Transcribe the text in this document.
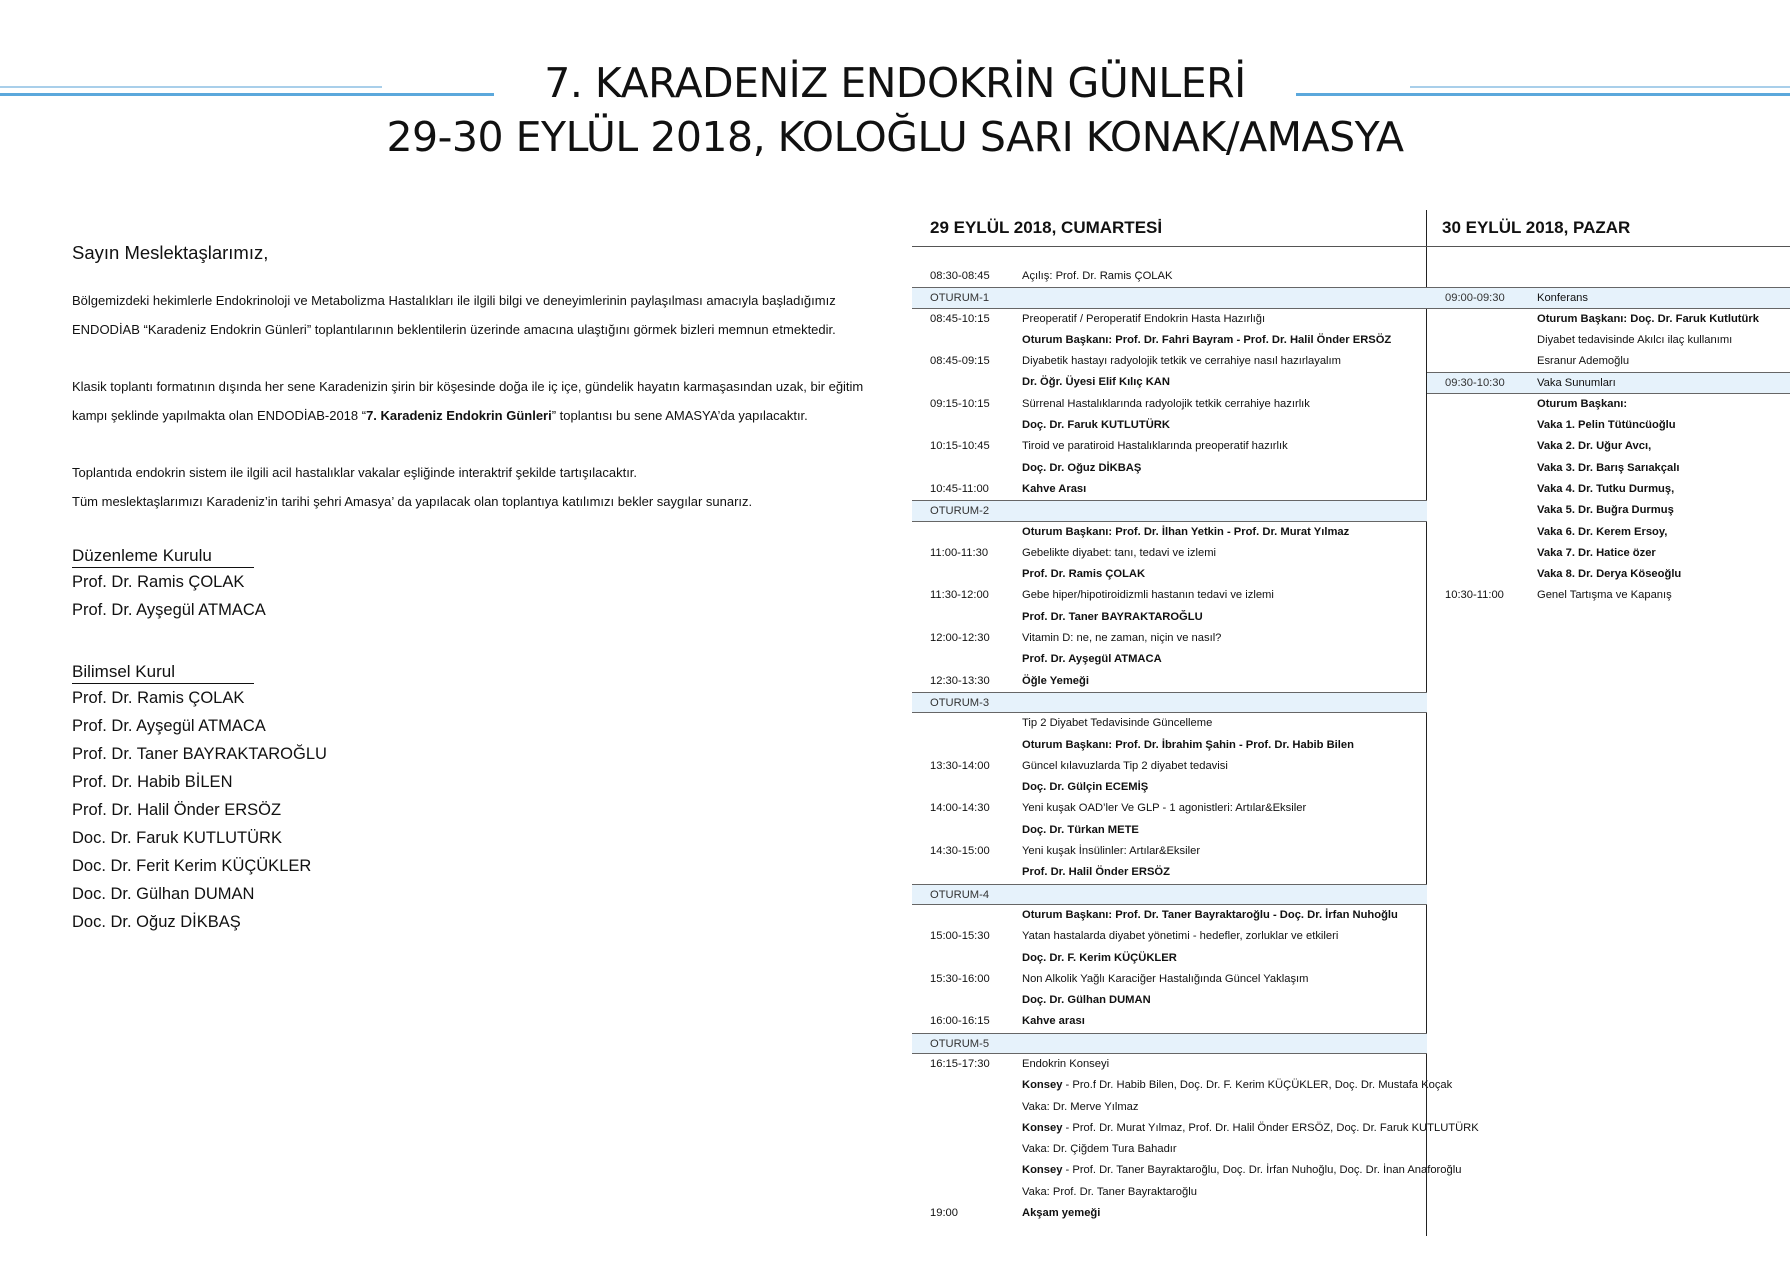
7. KARADENİZ ENDOKRİN GÜNLERİ
29-30 EYLÜL 2018, KOLOĞLU SARI KONAK/AMASYA
Sayın Meslektaşlarımız,
Bölgemizdeki hekimlerle Endokrinoloji ve Metabolizma Hastalıkları ile ilgili bilgi ve deneyimlerinin paylaşılması amacıyla başladığımız
ENDODİAB “Karadeniz Endokrin Günleri” toplantılarının beklentilerin üzerinde amacına ulaştığını görmek bizleri memnun etmektedir.
Klasik toplantı formatının dışında her sene Karadenizin şirin bir köşesinde doğa ile iç içe, gündelik hayatın karmaşasından uzak, bir eğitim
kampı şeklinde yapılmakta olan ENDODİAB-2018 “7. Karadeniz Endokrin Günleri” toplantısı bu sene AMASYA’da yapılacaktır.
Toplantıda endokrin sistem ile ilgili acil hastalıklar vakalar eşliğinde interaktrif şekilde tartışılacaktır.
Tüm meslektaşlarımızı Karadeniz’in tarihi şehri Amasya’ da yapılacak olan toplantıya katılımızı bekler saygılar sunarız.
Düzenleme Kurulu
Prof. Dr. Ramis ÇOLAK
Prof. Dr. Ayşegül ATMACA
Bilimsel Kurul
Prof. Dr. Ramis ÇOLAK
Prof. Dr. Ayşegül ATMACA
Prof. Dr. Taner BAYRAKTAROĞLU
Prof. Dr. Habib BİLEN
Prof. Dr. Halil Önder ERSÖZ
Doc. Dr. Faruk KUTLUTÜRK
Doc. Dr. Ferit Kerim KÜÇÜKLER
Doc. Dr. Gülhan DUMAN
Doc. Dr. Oğuz DİKBAŞ
29 EYLÜL 2018, CUMARTESİ	30 EYLÜL 2018, PAZAR
08:30-08:45	Açılış: Prof. Dr. Ramis ÇOLAK
OTURUM-1
08:45-10:15	Preoperatif / Peroperatif Endokrin Hasta Hazırlığı
Oturum Başkanı: Prof. Dr. Fahri Bayram - Prof. Dr. Halil Önder ERSÖZ
08:45-09:15	Diyabetik hastayı radyolojik tetkik ve cerrahiye nasıl hazırlayalım
Dr. Öğr. Üyesi Elif Kılıç KAN
09:15-10:15	Sürrenal Hastalıklarında radyolojik tetkik cerrahiye hazırlık
Doç. Dr. Faruk KUTLUTÜRK
10:15-10:45	Tiroid ve paratiroid Hastalıklarında preoperatif hazırlık
Doç. Dr. Oğuz DİKBAŞ
10:45-11:00	Kahve Arası
OTURUM-2
Oturum Başkanı: Prof. Dr. İlhan Yetkin - Prof. Dr. Murat Yılmaz
11:00-11:30	Gebelikte diyabet: tanı, tedavi ve izlemi
Prof. Dr. Ramis ÇOLAK
11:30-12:00	Gebe hiper/hipotiroidizmli hastanın tedavi ve izlemi
Prof. Dr. Taner BAYRAKTAROĞLU
12:00-12:30	Vitamin D: ne, ne zaman, niçin ve nasıl?
Prof. Dr. Ayşegül ATMACA
12:30-13:30	Öğle Yemeği
OTURUM-3
Tip 2 Diyabet Tedavisinde Güncelleme
Oturum Başkanı: Prof. Dr. İbrahim Şahin - Prof. Dr. Habib Bilen
13:30-14:00	Güncel kılavuzlarda Tip 2 diyabet tedavisi
Doç. Dr. Gülçin ECEMİŞ
14:00-14:30	Yeni kuşak OAD’ler Ve GLP - 1 agonistleri: Artılar&Eksiler
Doç. Dr. Türkan METE
14:30-15:00	Yeni kuşak İnsülinler: Artılar&Eksiler
Prof. Dr. Halil Önder ERSÖZ
OTURUM-4
Oturum Başkanı: Prof. Dr. Taner Bayraktaroğlu - Doç. Dr. İrfan Nuhoğlu
15:00-15:30	Yatan hastalarda diyabet yönetimi - hedefler, zorluklar ve etkileri
Doç. Dr. F. Kerim KÜÇÜKLER
15:30-16:00	Non Alkolik Yağlı Karaciğer Hastalığında Güncel Yaklaşım
Doç. Dr. Gülhan DUMAN
16:00-16:15	Kahve arası
OTURUM-5
16:15-17:30	Endokrin Konseyi
Konsey - Pro.f Dr. Habib Bilen, Doç. Dr. F. Kerim KÜÇÜKLER, Doç. Dr. Mustafa Koçak
Vaka: Dr. Merve Yılmaz
Konsey - Prof. Dr. Murat Yılmaz, Prof. Dr. Halil Önder ERSÖZ, Doç. Dr. Faruk KUTLUTÜRK
Vaka: Dr. Çiğdem Tura Bahadır
Konsey - Prof. Dr. Taner Bayraktaroğlu, Doç. Dr. İrfan Nuhoğlu, Doç. Dr. İnan Anaforoğlu
Vaka: Prof. Dr. Taner Bayraktaroğlu
19:00	Akşam yemeği
09:00-09:30	Konferans
Oturum Başkanı: Doç. Dr. Faruk Kutlutürk
Diyabet tedavisinde Akılcı ilaç kullanımı
Esranur Ademoğlu
09:30-10:30	Vaka Sunumları
Oturum Başkanı:
Vaka 1. Pelin Tütüncüoğlu
Vaka 2. Dr. Uğur Avcı,
Vaka 3. Dr. Barış Sarıakçalı
Vaka 4. Dr. Tutku Durmuş,
Vaka 5. Dr. Buğra Durmuş
Vaka 6. Dr. Kerem Ersoy,
Vaka 7. Dr. Hatice özer
Vaka 8. Dr. Derya Köseoğlu
10:30-11:00	Genel Tartışma ve Kapanış
